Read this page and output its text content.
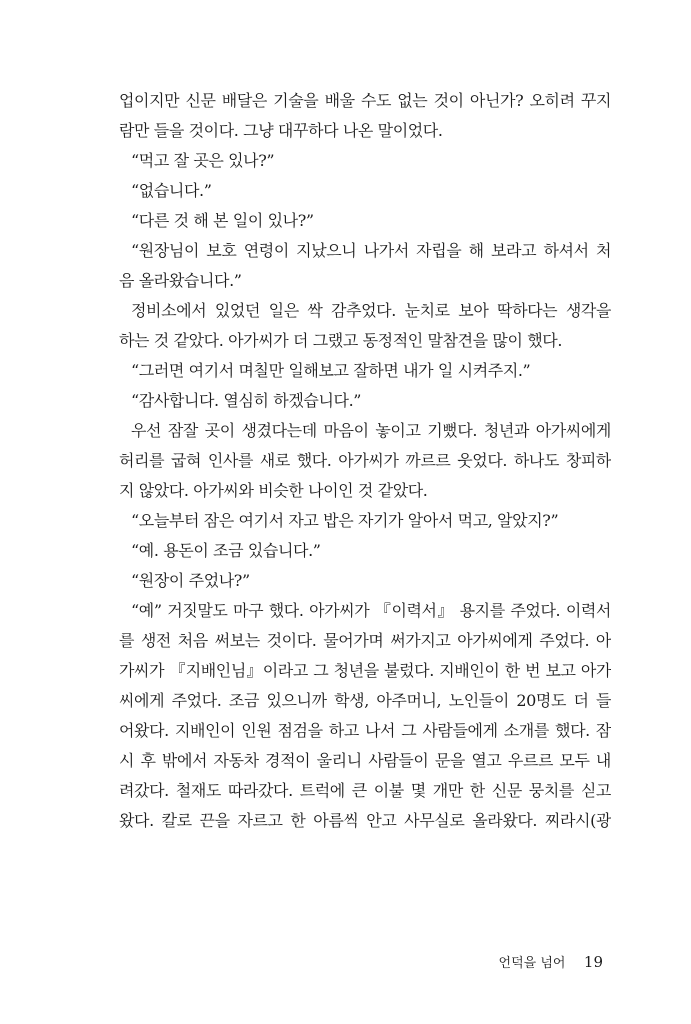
업이지만 신문 배달은 기술을 배울 수도 없는 것이 아닌가? 오히려 꾸지
람만 들을 것이다. 그냥 대꾸하다 나온 말이었다.
“먹고 잘 곳은 있나?”
“없습니다.”
“다른 것 해 본 일이 있나?”
“원장님이 보호 연령이 지났으니 나가서 자립을 해 보라고 하셔서 처
음 올라왔습니다.”
정비소에서 있었던 일은 싹 감추었다. 눈치로 보아 딱하다는 생각을
하는 것 같았다. 아가씨가 더 그랬고 동정적인 말참견을 많이 했다.
“그러면 여기서 며칠만 일해보고 잘하면 내가 일 시켜주지.”
“감사합니다. 열심히 하겠습니다.”
우선 잠잘 곳이 생겼다는데 마음이 놓이고 기뻤다. 청년과 아가씨에게
허리를 굽혀 인사를 새로 했다. 아가씨가 까르르 웃었다. 하나도 창피하
지 않았다. 아가씨와 비슷한 나이인 것 같았다.
“오늘부터 잠은 여기서 자고 밥은 자기가 알아서 먹고, 알았지?”
“예. 용돈이 조금 있습니다.”
“원장이 주었나?”
“예” 거짓말도 마구 했다. 아가씨가 『이력서』 용지를 주었다. 이력서
를 생전 처음 써보는 것이다. 물어가며 써가지고 아가씨에게 주었다. 아
가씨가 『지배인님』이라고 그 청년을 불렀다. 지배인이 한 번 보고 아가
씨에게 주었다. 조금 있으니까 학생, 아주머니, 노인들이 20명도 더 들
어왔다. 지배인이 인원 점검을 하고 나서 그 사람들에게 소개를 했다. 잠
시 후 밖에서 자동차 경적이 울리니 사람들이 문을 열고 우르르 모두 내
려갔다. 철재도 따라갔다. 트럭에 큰 이불 몇 개만 한 신문 뭉치를 싣고
왔다. 칼로 끈을 자르고 한 아름씩 안고 사무실로 올라왔다. 찌라시(광
언덕을 넘어 19
